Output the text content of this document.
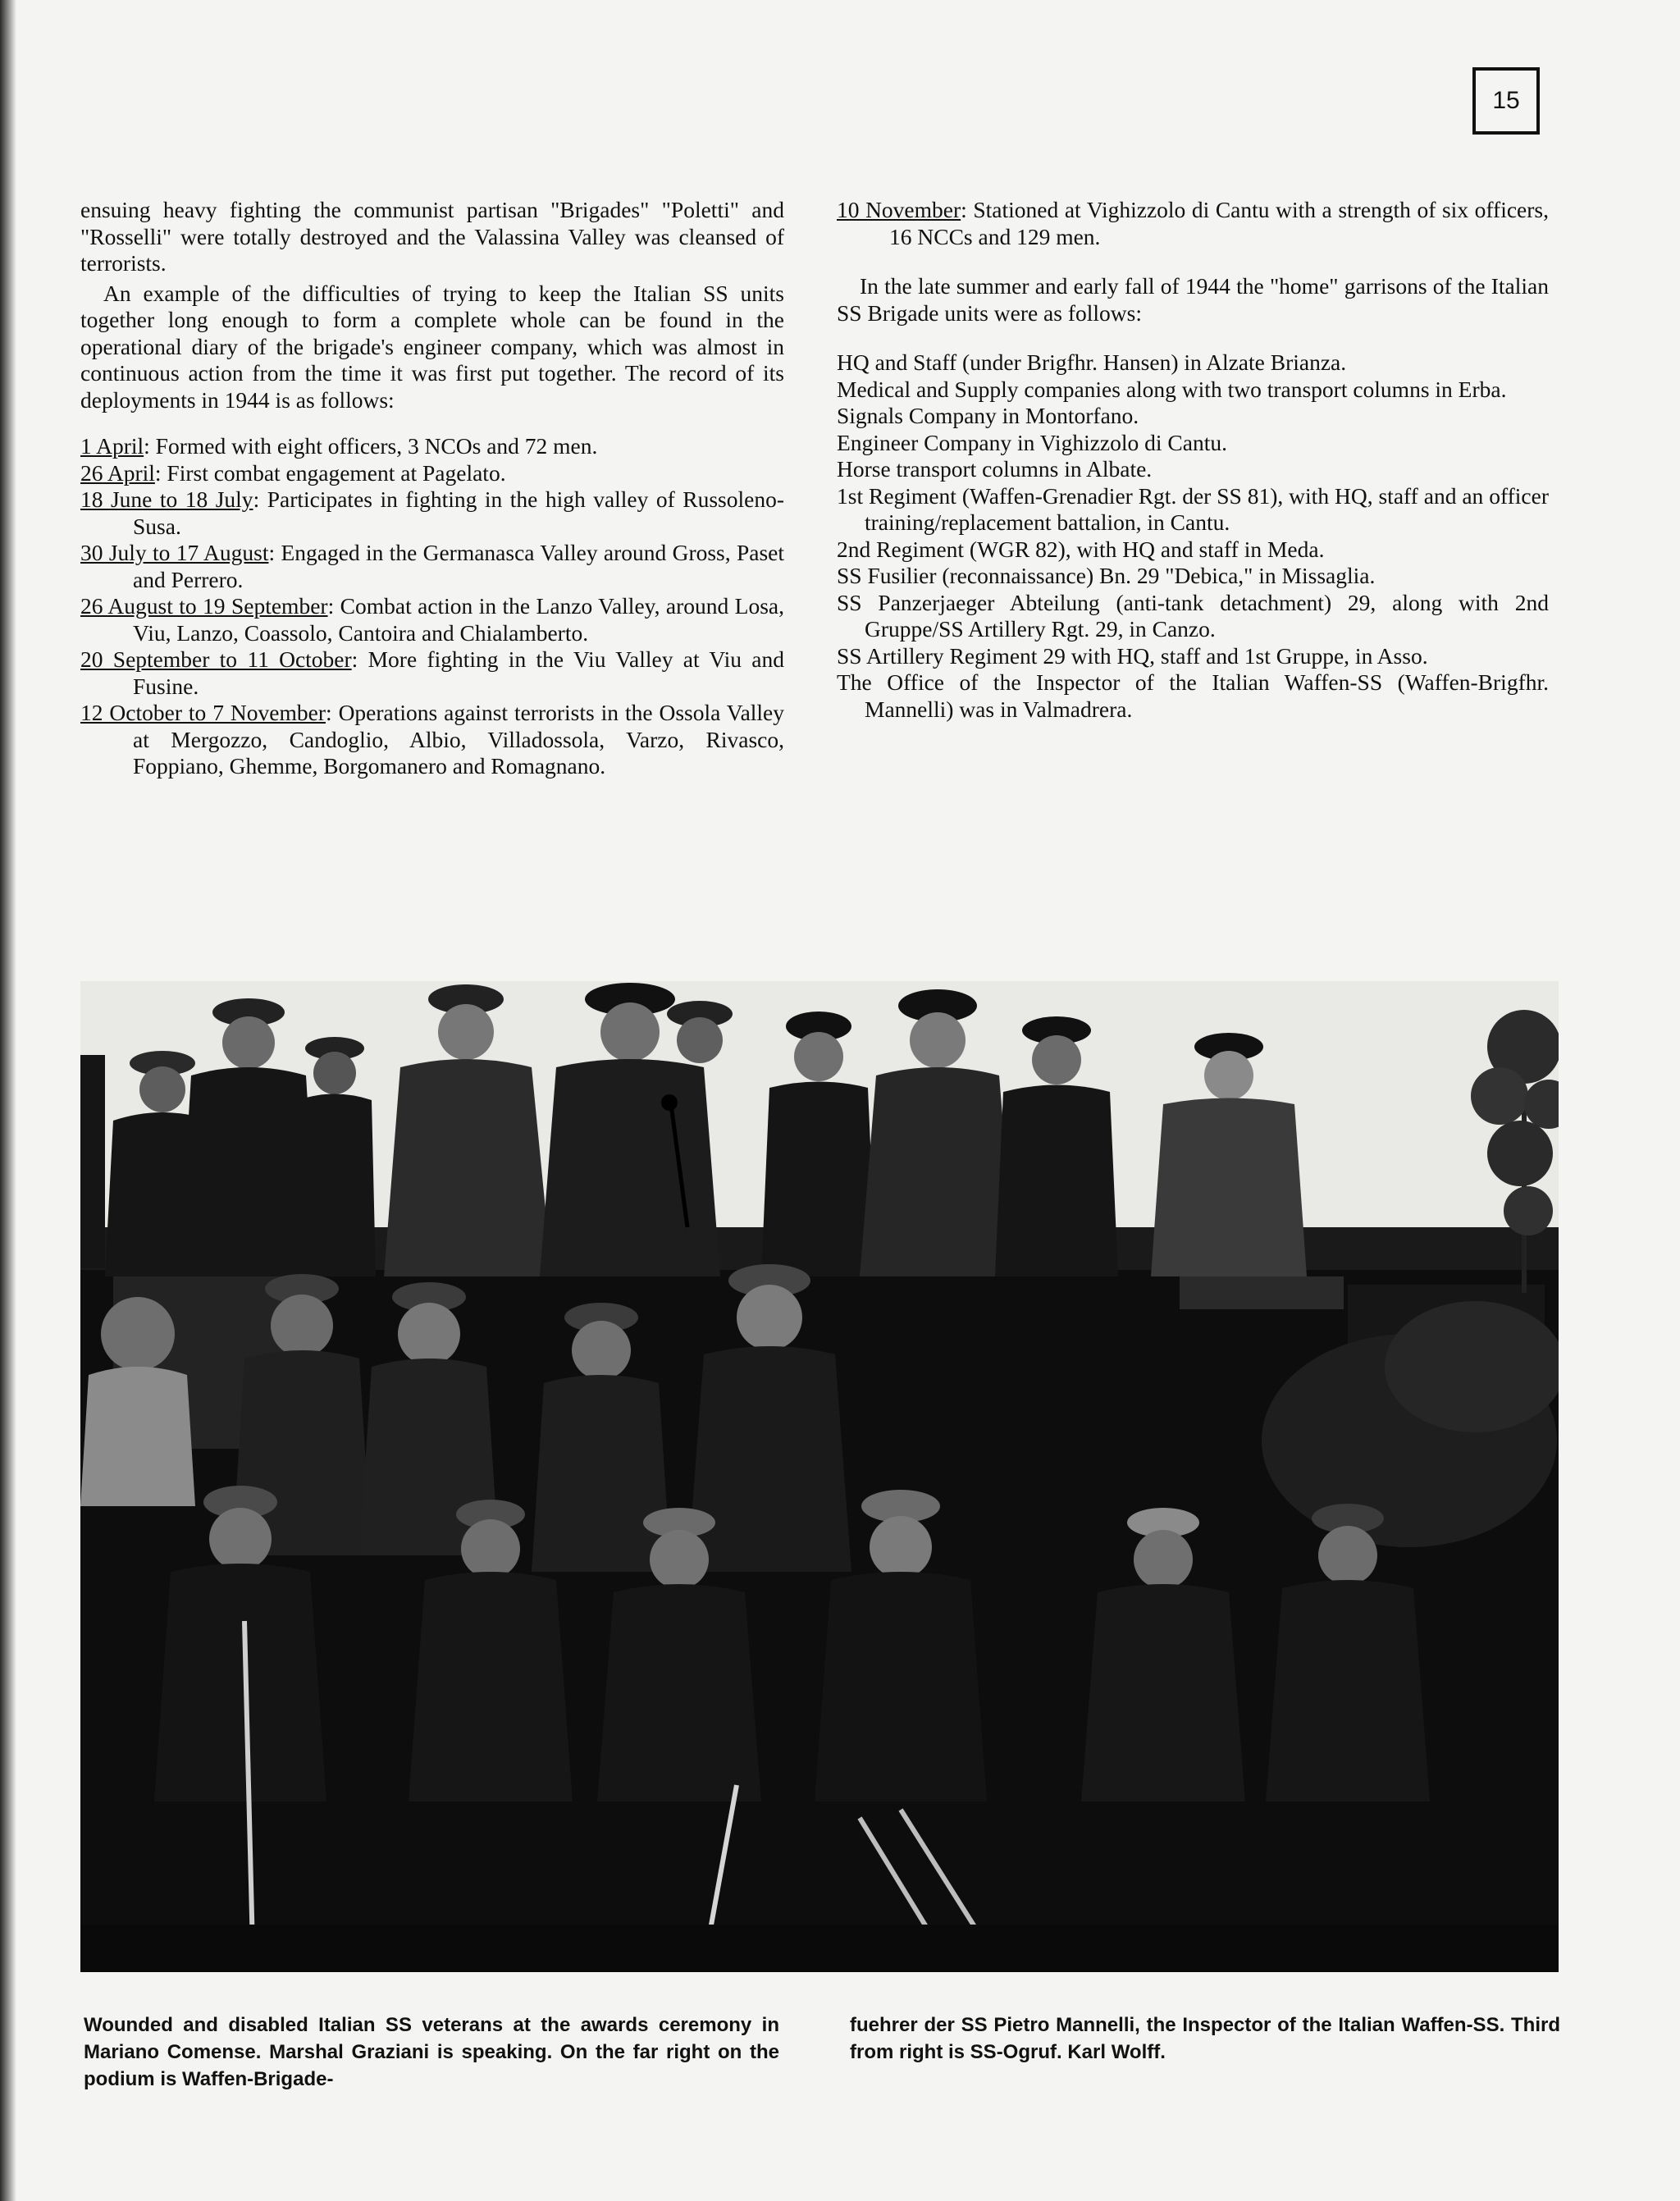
15

ensuing heavy fighting the communist partisan "Brigades" "Poletti" and "Rosselli" were totally destroyed and the Valassina Valley was cleansed of terrorists.

An example of the difficulties of trying to keep the Italian SS units together long enough to form a complete whole can be found in the operational diary of the brigade's engineer company, which was almost in continuous action from the time it was first put together. The record of its deployments in 1944 is as follows:

1 April: Formed with eight officers, 3 NCOs and 72 men.
26 April: First combat engagement at Pagelato.
18 June to 18 July: Participates in fighting in the high valley of Russoleno-Susa.
30 July to 17 August: Engaged in the Germanasca Valley around Gross, Paset and Perrero.
26 August to 19 September: Combat action in the Lanzo Valley, around Losa, Viu, Lanzo, Coassolo, Cantoira and Chialamberto.
20 September to 11 October: More fighting in the Viu Valley at Viu and Fusine.
12 October to 7 November: Operations against terrorists in the Ossola Valley at Mergozzo, Candoglio, Albio, Villadossola, Varzo, Rivasco, Foppiano, Ghemme, Borgomanero and Romagnano.
10 November: Stationed at Vighizzolo di Cantu with a strength of six officers, 16 NCCs and 129 men.

In the late summer and early fall of 1944 the "home" garrisons of the Italian SS Brigade units were as follows:

HQ and Staff (under Brigfhr. Hansen) in Alzate Brianza.
Medical and Supply companies along with two transport columns in Erba.
Signals Company in Montorfano.
Engineer Company in Vighizzolo di Cantu.
Horse transport columns in Albate.
1st Regiment (Waffen-Grenadier Rgt. der SS 81), with HQ, staff and an officer training/replacement battalion, in Cantu.
2nd Regiment (WGR 82), with HQ and staff in Meda.
SS Fusilier (reconnaissance) Bn. 29 "Debica," in Missaglia.
SS Panzerjaeger Abteilung (anti-tank detachment) 29, along with 2nd Gruppe/SS Artillery Rgt. 29, in Canzo.
SS Artillery Regiment 29 with HQ, staff and 1st Gruppe, in Asso.
The Office of the Inspector of the Italian Waffen-SS (Waffen-Brigfhr. Mannelli) was in Valmadrera.
Wounded and disabled Italian SS veterans at the awards ceremony in Mariano Comense. Marshal Graziani is speaking. On the far right on the podium is Waffen-Brigade-
fuehrer der SS Pietro Mannelli, the Inspector of the Italian Waffen-SS. Third from right is SS-Ogruf. Karl Wolff.
